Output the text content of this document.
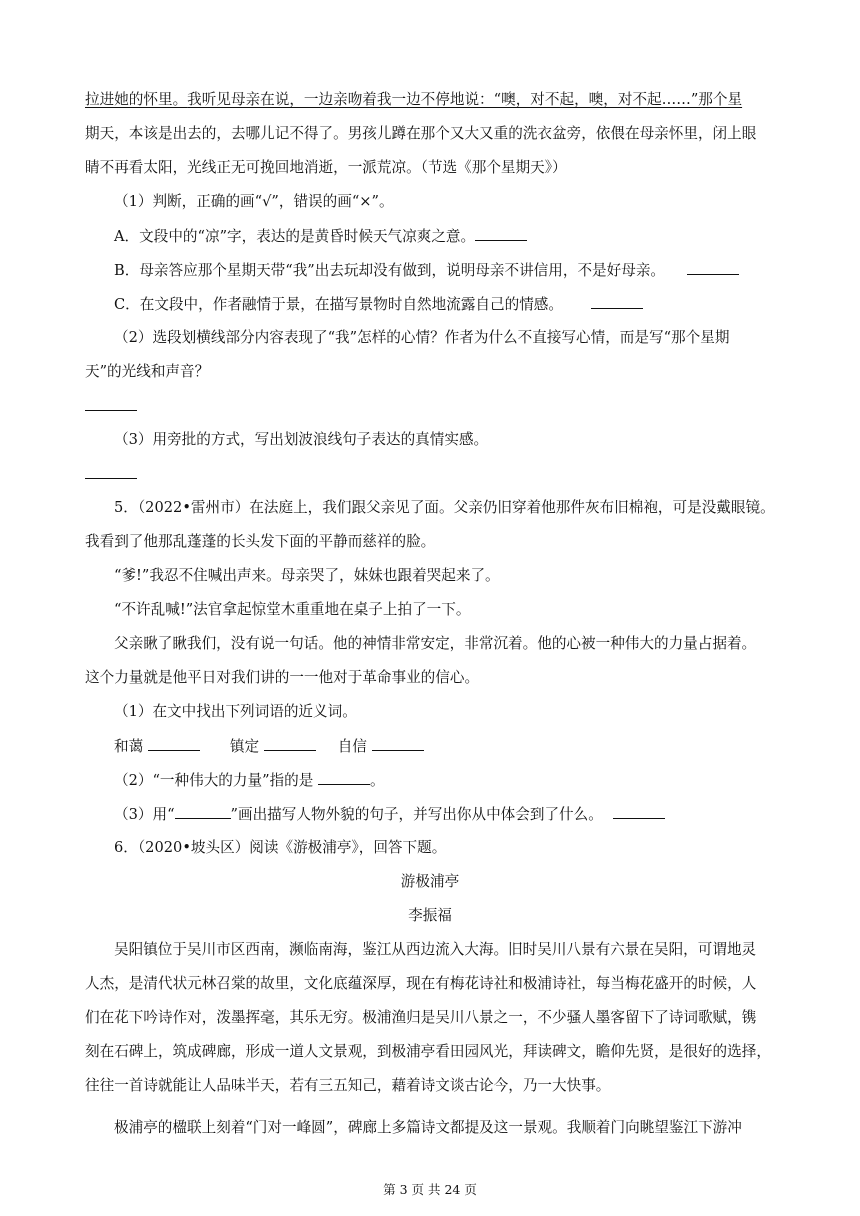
拉进她的怀里。我听见母亲在说，一边亲吻着我一边不停地说：“噢，对不起，噢，对不起……”那个星
期天，本该是出去的，去哪儿记不得了。男孩儿蹲在那个又大又重的洗衣盆旁，依偎在母亲怀里，闭上眼
睛不再看太阳，光线正无可挽回地消逝，一派荒凉。（节选《那个星期天》）
（1）判断，正确的画“√”，错误的画“×”。
A．文段中的“凉”字，表达的是黄昏时候天气凉爽之意。
B．母亲答应那个星期天带“我”出去玩却没有做到，说明母亲不讲信用，不是好母亲。
C．在文段中，作者融情于景，在描写景物时自然地流露自己的情感。
（2）选段划横线部分内容表现了“我”怎样的心情？作者为什么不直接写心情，而是写“那个星期
天”的光线和声音？
（3）用旁批的方式，写出划波浪线句子表达的真情实感。
5．（2022•雷州市）在法庭上，我们跟父亲见了面。父亲仍旧穿着他那件灰布旧棉袍，可是没戴眼镜。
我看到了他那乱蓬蓬的长头发下面的平静而慈祥的脸。
“爹!”我忍不住喊出声来。母亲哭了，妹妹也跟着哭起来了。
“不许乱喊!”法官拿起惊堂木重重地在桌子上拍了一下。
父亲瞅了瞅我们，没有说一句话。他的神情非常安定，非常沉着。他的心被一种伟大的力量占据着。
这个力量就是他平日对我们讲的一一他对于革命事业的信心。
（1）在文中找出下列词语的近义词。
和蔼	镇定	自信
（2）“一种伟大的力量”指的是	。
（3）用“	”画出描写人物外貌的句子，并写出你从中体会到了什么。
6．（2020•坡头区）阅读《游极浦亭》，回答下题。
游极浦亭
李振福
吴阳镇位于吴川市区西南，濒临南海，鉴江从西边流入大海。旧时吴川八景有六景在吴阳，可谓地灵
人杰，是清代状元林召棠的故里，文化底蕴深厚，现在有梅花诗社和极浦诗社，每当梅花盛开的时候，人
们在花下吟诗作对，泼墨挥毫，其乐无穷。极浦渔归是吴川八景之一，不少骚人墨客留下了诗词歌赋，镌
刻在石碑上，筑成碑廊，形成一道人文景观，到极浦亭看田园风光，拜读碑文，瞻仰先贤，是很好的选择，
往往一首诗就能让人品味半天，若有三五知己，藉着诗文谈古论今，乃一大快事。
极浦亭的楹联上刻着“门对一峰圆”，碑廊上多篇诗文都提及这一景观。我顺着门向眺望鉴江下游冲
第 3 页 共 24 页
